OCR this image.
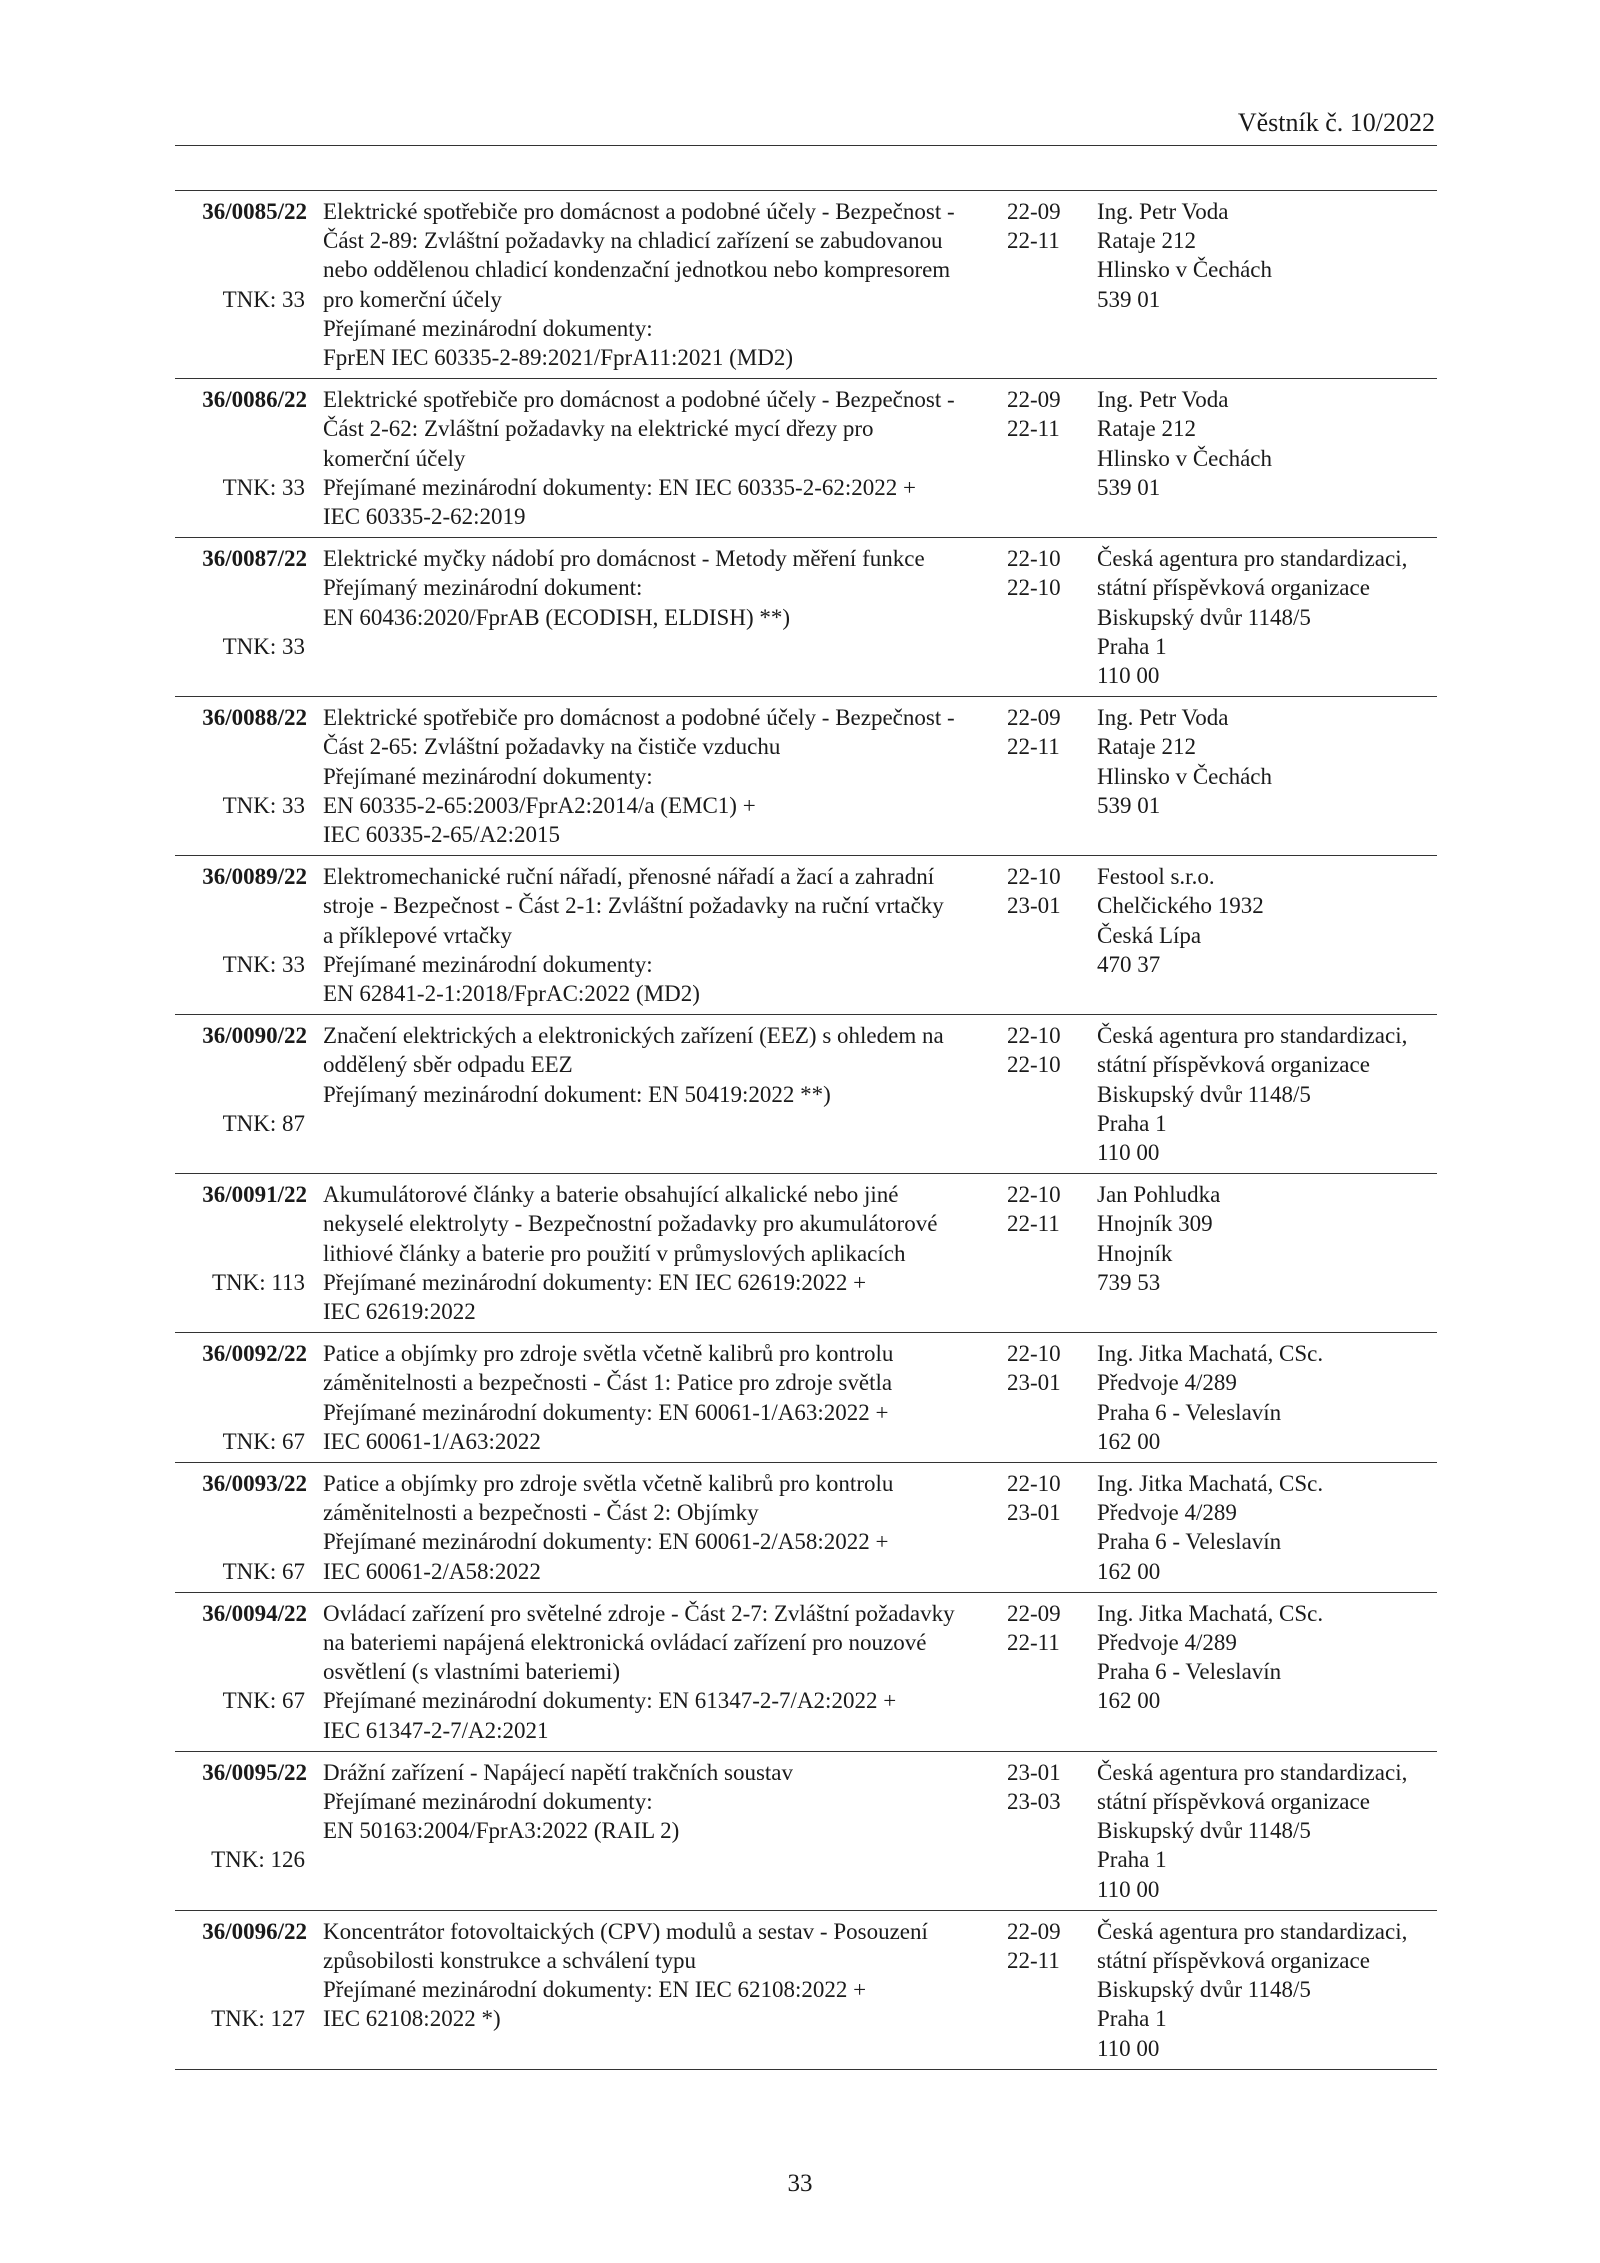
Věstník č. 10/2022
36/0085/22
TNK: 33
Elektrické spotřebiče pro domácnost a podobné účely - Bezpečnost -
Část 2-89: Zvláštní požadavky na chladicí zařízení se zabudovanou
nebo oddělenou chladicí kondenzační jednotkou nebo kompresorem
pro komerční účely
Přejímané mezinárodní dokumenty:
FprEN IEC 60335-2-89:2021/FprA11:2021 (MD2)
22-09
22-11
Ing. Petr Voda
Rataje 212
Hlinsko v Čechách
539 01
36/0086/22
TNK: 33
Elektrické spotřebiče pro domácnost a podobné účely - Bezpečnost -
Část 2-62: Zvláštní požadavky na elektrické mycí dřezy pro
komerční účely
Přejímané mezinárodní dokumenty: EN IEC 60335-2-62:2022 +
IEC 60335-2-62:2019
22-09
22-11
Ing. Petr Voda
Rataje 212
Hlinsko v Čechách
539 01
36/0087/22
TNK: 33
Elektrické myčky nádobí pro domácnost - Metody měření funkce
Přejímaný mezinárodní dokument:
EN 60436:2020/FprAB (ECODISH, ELDISH) **)
22-10
22-10
Česká agentura pro standardizaci,
státní příspěvková organizace
Biskupský dvůr 1148/5
Praha 1
110 00
36/0088/22
TNK: 33
Elektrické spotřebiče pro domácnost a podobné účely - Bezpečnost -
Část 2-65: Zvláštní požadavky na čističe vzduchu
Přejímané mezinárodní dokumenty:
EN 60335-2-65:2003/FprA2:2014/a (EMC1) +
IEC 60335-2-65/A2:2015
22-09
22-11
Ing. Petr Voda
Rataje 212
Hlinsko v Čechách
539 01
36/0089/22
TNK: 33
Elektromechanické ruční nářadí, přenosné nářadí a žací a zahradní
stroje - Bezpečnost - Část 2-1: Zvláštní požadavky na ruční vrtačky
a příklepové vrtačky
Přejímané mezinárodní dokumenty:
EN 62841-2-1:2018/FprAC:2022 (MD2)
22-10
23-01
Festool s.r.o.
Chelčického 1932
Česká Lípa
470 37
36/0090/22
TNK: 87
Značení elektrických a elektronických zařízení (EEZ) s ohledem na
oddělený sběr odpadu EEZ
Přejímaný mezinárodní dokument: EN 50419:2022 **)
22-10
22-10
Česká agentura pro standardizaci,
státní příspěvková organizace
Biskupský dvůr 1148/5
Praha 1
110 00
36/0091/22
TNK: 113
Akumulátorové články a baterie obsahující alkalické nebo jiné
nekyselé elektrolyty - Bezpečnostní požadavky pro akumulátorové
lithiové články a baterie pro použití v průmyslových aplikacích
Přejímané mezinárodní dokumenty: EN IEC 62619:2022 +
IEC 62619:2022
22-10
22-11
Jan Pohludka
Hnojník 309
Hnojník
739 53
36/0092/22
TNK: 67
Patice a objímky pro zdroje světla včetně kalibrů pro kontrolu
záměnitelnosti a bezpečnosti - Část 1: Patice pro zdroje světla
Přejímané mezinárodní dokumenty: EN 60061-1/A63:2022 +
IEC 60061-1/A63:2022
22-10
23-01
Ing. Jitka Machatá, CSc.
Předvoje 4/289
Praha 6 - Veleslavín
162 00
36/0093/22
TNK: 67
Patice a objímky pro zdroje světla včetně kalibrů pro kontrolu
záměnitelnosti a bezpečnosti - Část 2: Objímky
Přejímané mezinárodní dokumenty: EN 60061-2/A58:2022 +
IEC 60061-2/A58:2022
22-10
23-01
Ing. Jitka Machatá, CSc.
Předvoje 4/289
Praha 6 - Veleslavín
162 00
36/0094/22
TNK: 67
Ovládací zařízení pro světelné zdroje - Část 2-7: Zvláštní požadavky
na bateriemi napájená elektronická ovládací zařízení pro nouzové
osvětlení (s vlastními bateriemi)
Přejímané mezinárodní dokumenty: EN 61347-2-7/A2:2022 +
IEC 61347-2-7/A2:2021
22-09
22-11
Ing. Jitka Machatá, CSc.
Předvoje 4/289
Praha 6 - Veleslavín
162 00
36/0095/22
TNK: 126
Drážní zařízení - Napájecí napětí trakčních soustav
Přejímané mezinárodní dokumenty:
EN 50163:2004/FprA3:2022 (RAIL 2)
23-01
23-03
Česká agentura pro standardizaci,
státní příspěvková organizace
Biskupský dvůr 1148/5
Praha 1
110 00
36/0096/22
TNK: 127
Koncentrátor fotovoltaických (CPV) modulů a sestav - Posouzení
způsobilosti konstrukce a schválení typu
Přejímané mezinárodní dokumenty: EN IEC 62108:2022 +
IEC 62108:2022 *)
22-09
22-11
Česká agentura pro standardizaci,
státní příspěvková organizace
Biskupský dvůr 1148/5
Praha 1
110 00
33
